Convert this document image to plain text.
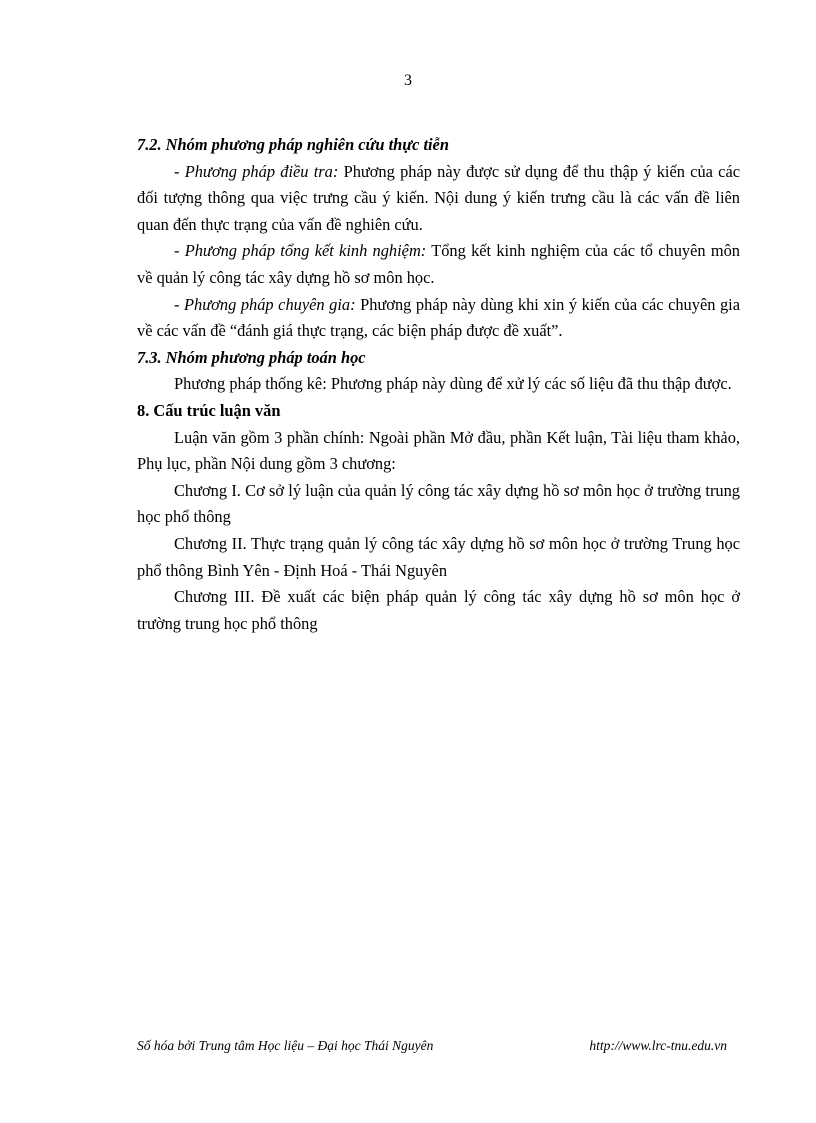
3

7.2. Nhóm phương pháp nghiên cứu thực tiễn

- Phương pháp điều tra: Phương pháp này được sử dụng để thu thập ý kiến của các đối tượng thông qua việc trưng cầu ý kiến. Nội dung ý kiến trưng cầu là các vấn đề liên quan đến thực trạng của vấn đề nghiên cứu.

- Phương pháp tổng kết kinh nghiệm: Tổng kết kinh nghiệm của các tổ chuyên môn về quản lý công tác xây dựng hồ sơ môn học.

- Phương pháp chuyên gia: Phương pháp này dùng khi xin ý kiến của các chuyên gia về các vấn đề “đánh giá thực trạng, các biện pháp được đề xuất”.

7.3. Nhóm phương pháp toán học

Phương pháp thống kê: Phương pháp này dùng để xử lý các số liệu đã thu thập được.

8. Cấu trúc luận văn

Luận văn gồm 3 phần chính: Ngoài phần Mở đầu, phần Kết luận, Tài liệu tham khảo, Phụ lục, phần Nội dung gồm 3 chương:

Chương I. Cơ sở lý luận của quản lý công tác xây dựng hồ sơ môn học ở trường trung học phổ thông

Chương II. Thực trạng quản lý công tác xây dựng hồ sơ môn học ở trường Trung học phổ thông Bình Yên - Định Hoá - Thái Nguyên

Chương III. Đề xuất các biện pháp quản lý công tác xây dựng hồ sơ môn học ở trường trung học phổ thông

Số hóa bởi Trung tâm Học liệu – Đại học Thái Nguyên	http://www.lrc-tnu.edu.vn
